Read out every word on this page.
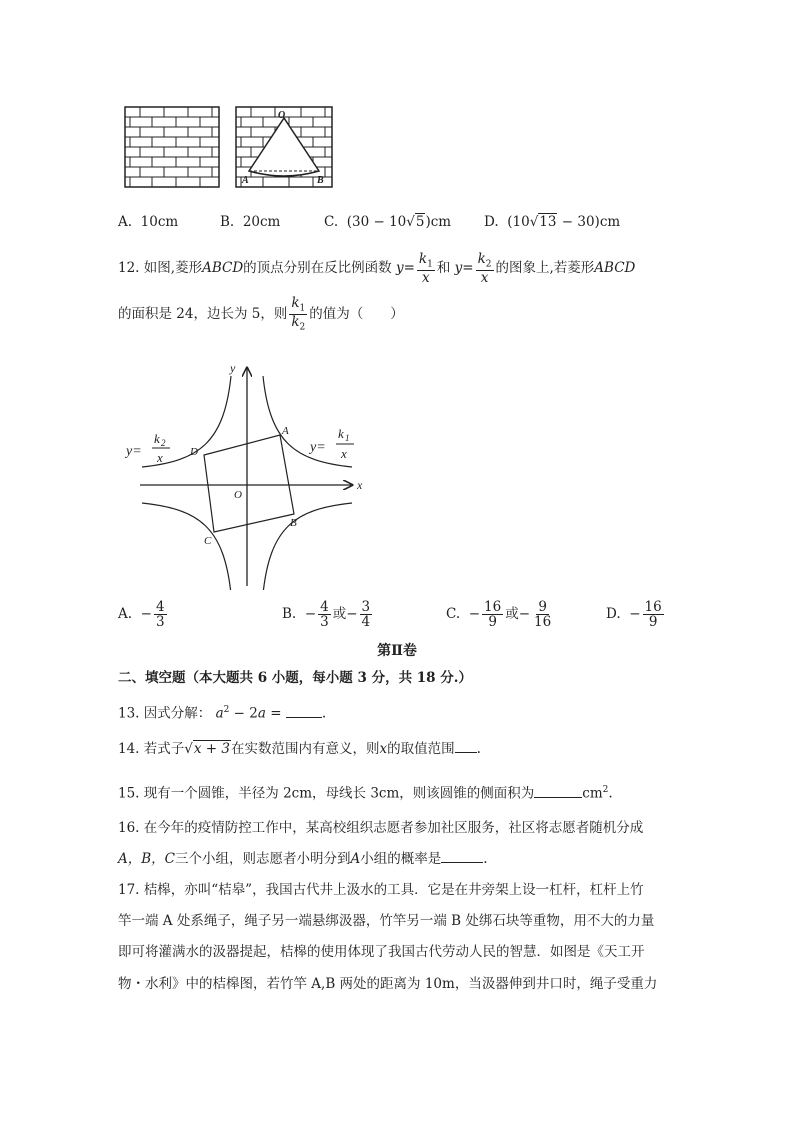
O
A	B
A. 10cm	B. 20cm	C. (30 − 10√5)cm D. (10√13 − 30)cm
12. 如图,菱形ABCD的顶点分别在反比例函数 $y= \frac{k_1}{x}$ 和 $y= \frac{k_2}{x}$ 的图象上,若菱形ABCD
的面积是 24，边长为 5，则 $\frac{k_1}{k_2}$ 的值为（　　）
x
y
O
A
B
C
D
y=
k 2
x
y=
k 1
x
A. − $\frac{4}{3}$	B. − $\frac{4}{3}$ 或− $\frac{3}{4}$	C. − $\frac{16}{9}$ 或− $\frac{9}{16}$	D. − $\frac{16}{9}$
第Ⅱ卷
二、填空题（本大题共 6 小题，每小题 3 分，共 18 分.）
13. 因式分解： $a^2 - 2a$ =	.
14. 若式子√x + 3在实数范围内有意义，则x的取值范围 .
15. 现有一个圆锥，半径为 2cm，母线长 3cm，则该圆锥的侧面积为	$cm^2$.
16. 在今年的疫情防控工作中，某高校组织志愿者参加社区服务，社区将志愿者随机分成
A，B，C三个小组，则志愿者小明分到A小组的概率是	.
17. 桔槔，亦叫“桔皋”，我国古代井上汲水的工具．它是在井旁架上设一杠杆，杠杆上竹
竿一端 A 处系绳子，绳子另一端悬绑汲器，竹竿另一端 B 处绑石块等重物，用不大的力量
即可将灌满水的汲器提起，桔槔的使用体现了我国古代劳动人民的智慧．如图是《天工开
物・水利》中的桔槔图，若竹竿 A,B 两处的距离为 10m，当汲器伸到井口时，绳子受重力
